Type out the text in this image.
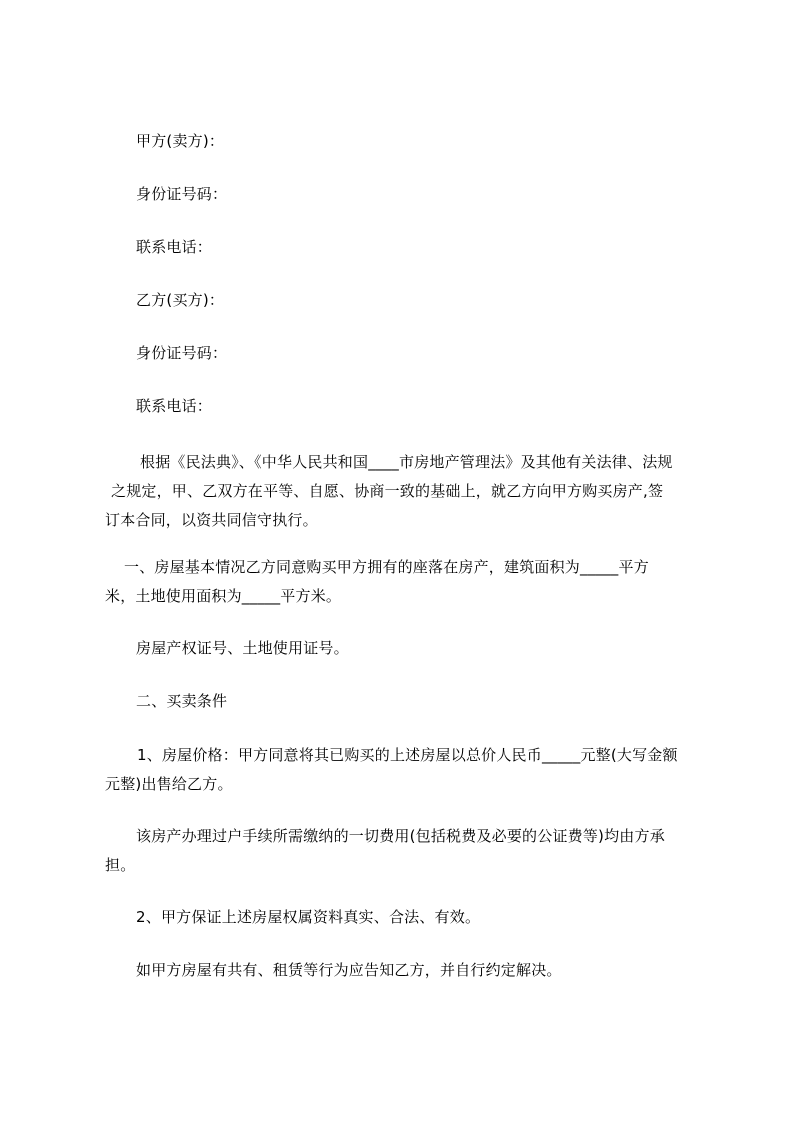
甲方(卖方)：
身份证号码：
联系电话：
乙方(买方)：
身份证号码：
联系电话：
根据《民法典》、《中华人民共和国____市房地产管理法》及其他有关法律、法规
之规定，甲、乙双方在平等、自愿、协商一致的基础上，就乙方向甲方购买房产,签
订本合同，以资共同信守执行。
一、房屋基本情况乙方同意购买甲方拥有的座落在房产，建筑面积为_____平方
米，土地使用面积为_____平方米。
房屋产权证号、土地使用证号。
二、买卖条件
1、房屋价格：甲方同意将其已购买的上述房屋以总价人民币_____元整(大写金额
元整)出售给乙方。
该房产办理过户手续所需缴纳的一切费用(包括税费及必要的公证费等)均由方承
担。
2、甲方保证上述房屋权属资料真实、合法、有效。
如甲方房屋有共有、租赁等行为应告知乙方，并自行约定解决。
